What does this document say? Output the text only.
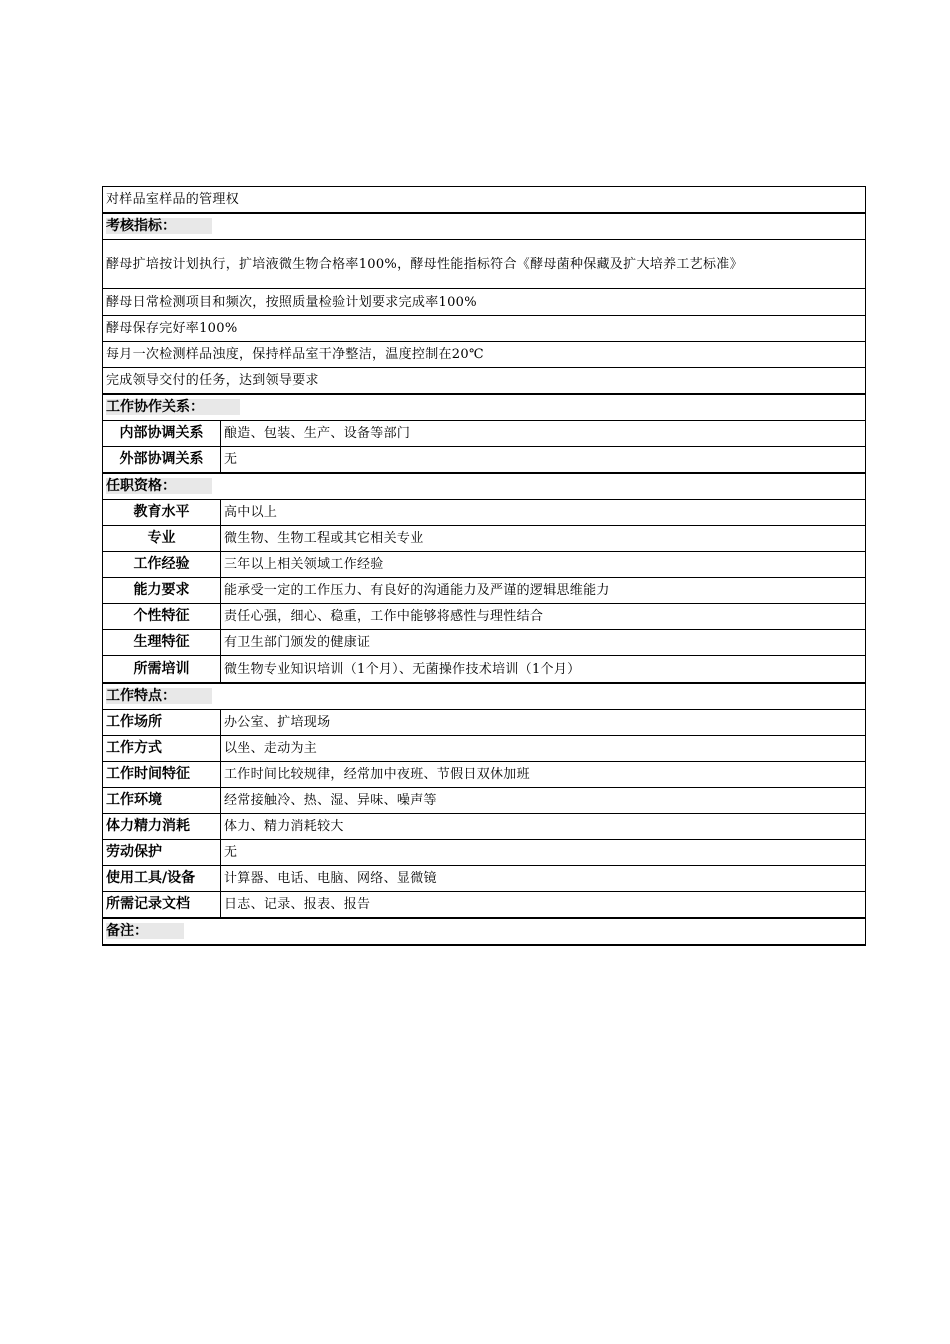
对样品室样品的管理权	
考核指标：	
酵母扩培按计划执行，扩培液微生物合格率100%，酵母性能指标符合《酵母菌种保藏及扩大培养工艺标准》	
酵母日常检测项目和频次，按照质量检验计划要求完成率100%	
酵母保存完好率100%	
每月一次检测样品浊度，保持样品室干净整洁，温度控制在20℃	
完成领导交付的任务，达到领导要求	
工作协作关系：	
内部协调关系	酿造、包装、生产、设备等部门
外部协调关系	无
任职资格：	
教育水平	高中以上
专业	微生物、生物工程或其它相关专业
工作经验	三年以上相关领域工作经验
能力要求	能承受一定的工作压力、有良好的沟通能力及严谨的逻辑思维能力
个性特征	责任心强，细心、稳重，工作中能够将感性与理性结合
生理特征	有卫生部门颁发的健康证
所需培训	微生物专业知识培训（1个月）、无菌操作技术培训（1个月）
工作特点：	
工作场所	办公室、扩培现场
工作方式	以坐、走动为主
工作时间特征	工作时间比较规律，经常加中夜班、节假日双休加班
工作环境	经常接触冷、热、湿、异味、噪声等
体力精力消耗	体力、精力消耗较大
劳动保护	无
使用工具/设备	计算器、电话、电脑、网络、显微镜
所需记录文档	日志、记录、报表、报告
备注：	
